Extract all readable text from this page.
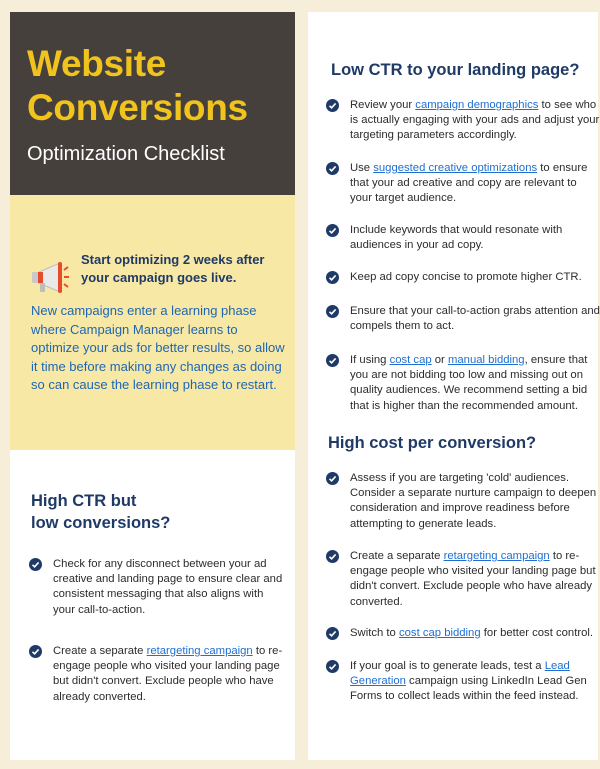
Website
Conversions
Optimization Checklist
Start optimizing 2 weeks after your campaign goes live.
New campaigns enter a learning phase where Campaign Manager learns to optimize your ads for better results, so allow it time before making any changes as doing so can cause the learning phase to restart.
High CTR but
low conversions?
Check for any disconnect between your ad creative and landing page to ensure clear and consistent messaging that also aligns with your call-to-action.
Create a separate retargeting campaign to re-engage people who visited your landing page but didn't convert. Exclude people who have already converted.
Low CTR to your landing page?
Review your campaign demographics to see who is actually engaging with your ads and adjust your targeting parameters accordingly.
Use suggested creative optimizations to ensure that your ad creative and copy are relevant to your target audience.
Include keywords that would resonate with audiences in your ad copy.
Keep ad copy concise to promote higher CTR.
Ensure that your call-to-action grabs attention and compels them to act.
If using cost cap or manual bidding, ensure that you are not bidding too low and missing out on quality audiences. We recommend setting a bid that is higher than the recommended amount.
High cost per conversion?
Assess if you are targeting 'cold' audiences. Consider a separate nurture campaign to deepen consideration and improve readiness before attempting to generate leads.
Create a separate retargeting campaign to re-engage people who visited your landing page but didn't convert. Exclude people who have already converted.
Switch to cost cap bidding for better cost control.
If your goal is to generate leads, test a Lead Generation campaign using LinkedIn Lead Gen Forms to collect leads within the feed instead.
